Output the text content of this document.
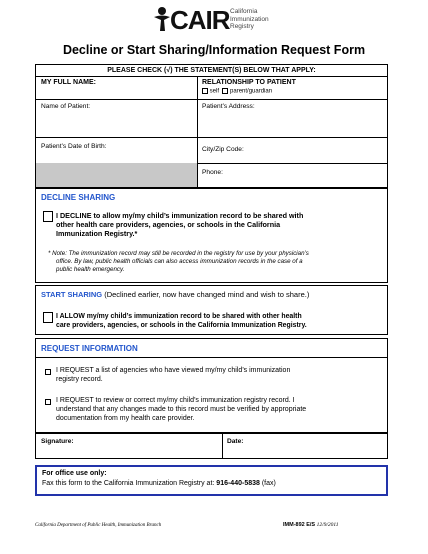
CAIR California
Immunization
Registry
Decline or Start Sharing/Information Request Form
PLEASE CHECK (√) THE STATEMENT(S) BELOW THAT APPLY:
MY FULL NAME:	RELATIONSHIP TO PATIENT
self parent/guardian
Name of Patient:	Patient’s Address:
Patient’s Date of Birth:	City/Zip Code:
Phone:
DECLINE SHARING
I DECLINE to allow my/my child’s immunization record to be shared with
other health care providers, agencies, or schools in the California
Immunization Registry.*
* Note: The immunization record may still be recorded in the registry for use by your physician’s
office. By law, public health officials can also access immunization records in the case of a
public health emergency.
START SHARING (Declined earlier, now have changed mind and wish to share.)
I ALLOW my/my child’s immunization record to be shared with other health
care providers, agencies, or schools in the California Immunization Registry.
REQUEST INFORMATION
I REQUEST a list of agencies who have viewed my/my child’s immunization
registry record.
I REQUEST to review or correct my/my child’s immunization registry record. I
understand that any changes made to this record must be verified by appropriate
documentation from my health care provider.
Signature:	Date:
For office use only:
Fax this form to the California Immunization Registry at: 916-440-5838 (fax)
California Department of Public Health, Immunization Branch	IMM-892 E/S 12/9/2011
